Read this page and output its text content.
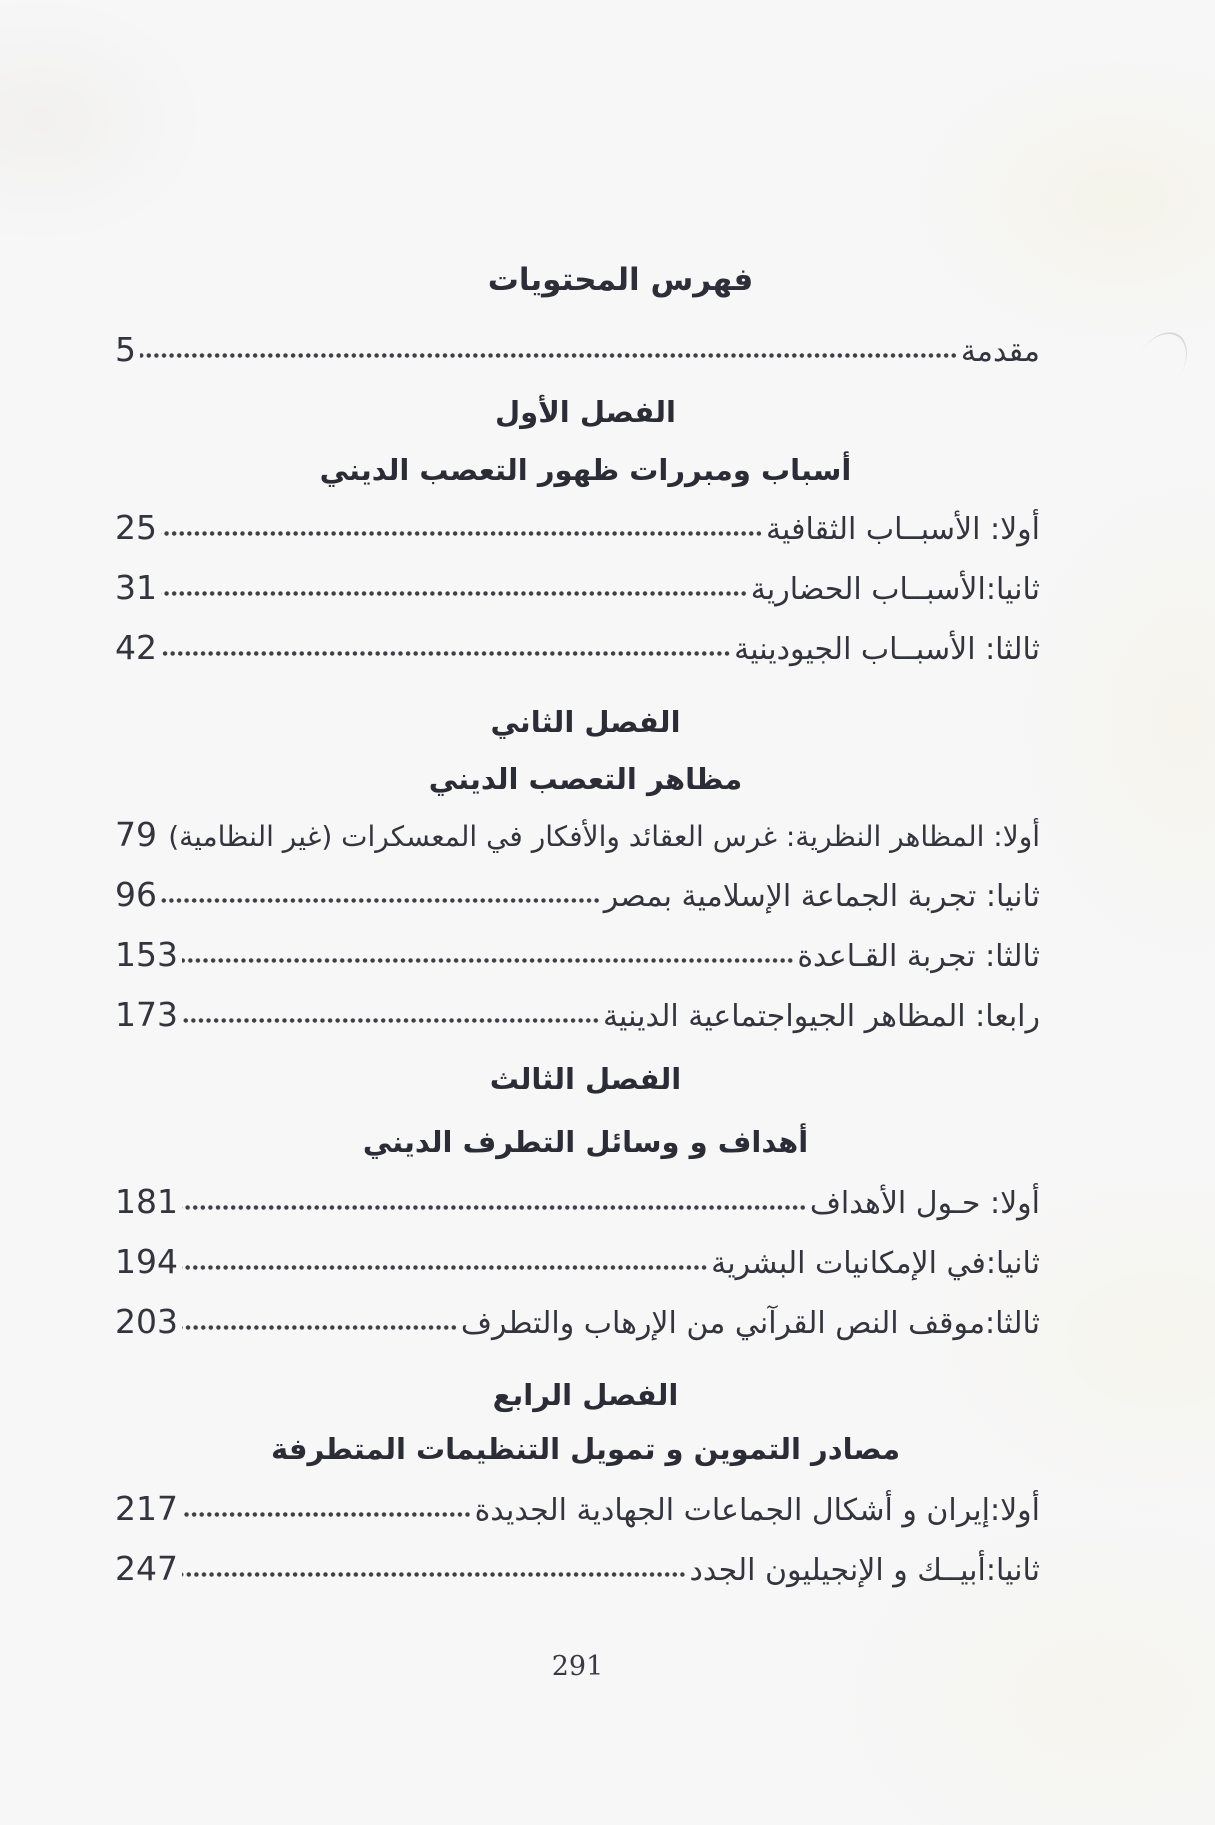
فهرس المحتويات
مقدمة
5
الفصل الأول
أسباب ومبررات ظهور التعصب الديني
أولا: الأسبــاب الثقافية
25
ثانيا:الأسبــاب الحضارية
31
ثالثا: الأسبــاب الجيودينية
42
الفصل الثاني
مظاهر التعصب الديني
أولا: المظاهر النظرية: غرس العقائد والأفكار في المعسكرات (غير النظامية)
79
ثانيا: تجربة الجماعة الإسلامية بمصر
96
ثالثا: تجربة القـاعدة
153
رابعا: المظاهر الجيواجتماعية الدينية
173
الفصل الثالث
أهداف و وسائل التطرف الديني
أولا: حـول الأهداف
181
ثانيا:في الإمكانيات البشرية
194
ثالثا:موقف النص القرآني من الإرهاب والتطرف
203
الفصل الرابع
مصادر التموين و تمويل التنظيمات المتطرفة
أولا:إيران و أشكال الجماعات الجهادية الجديدة
217
ثانيا:أبيــك و الإنجيليون الجدد
247
291
